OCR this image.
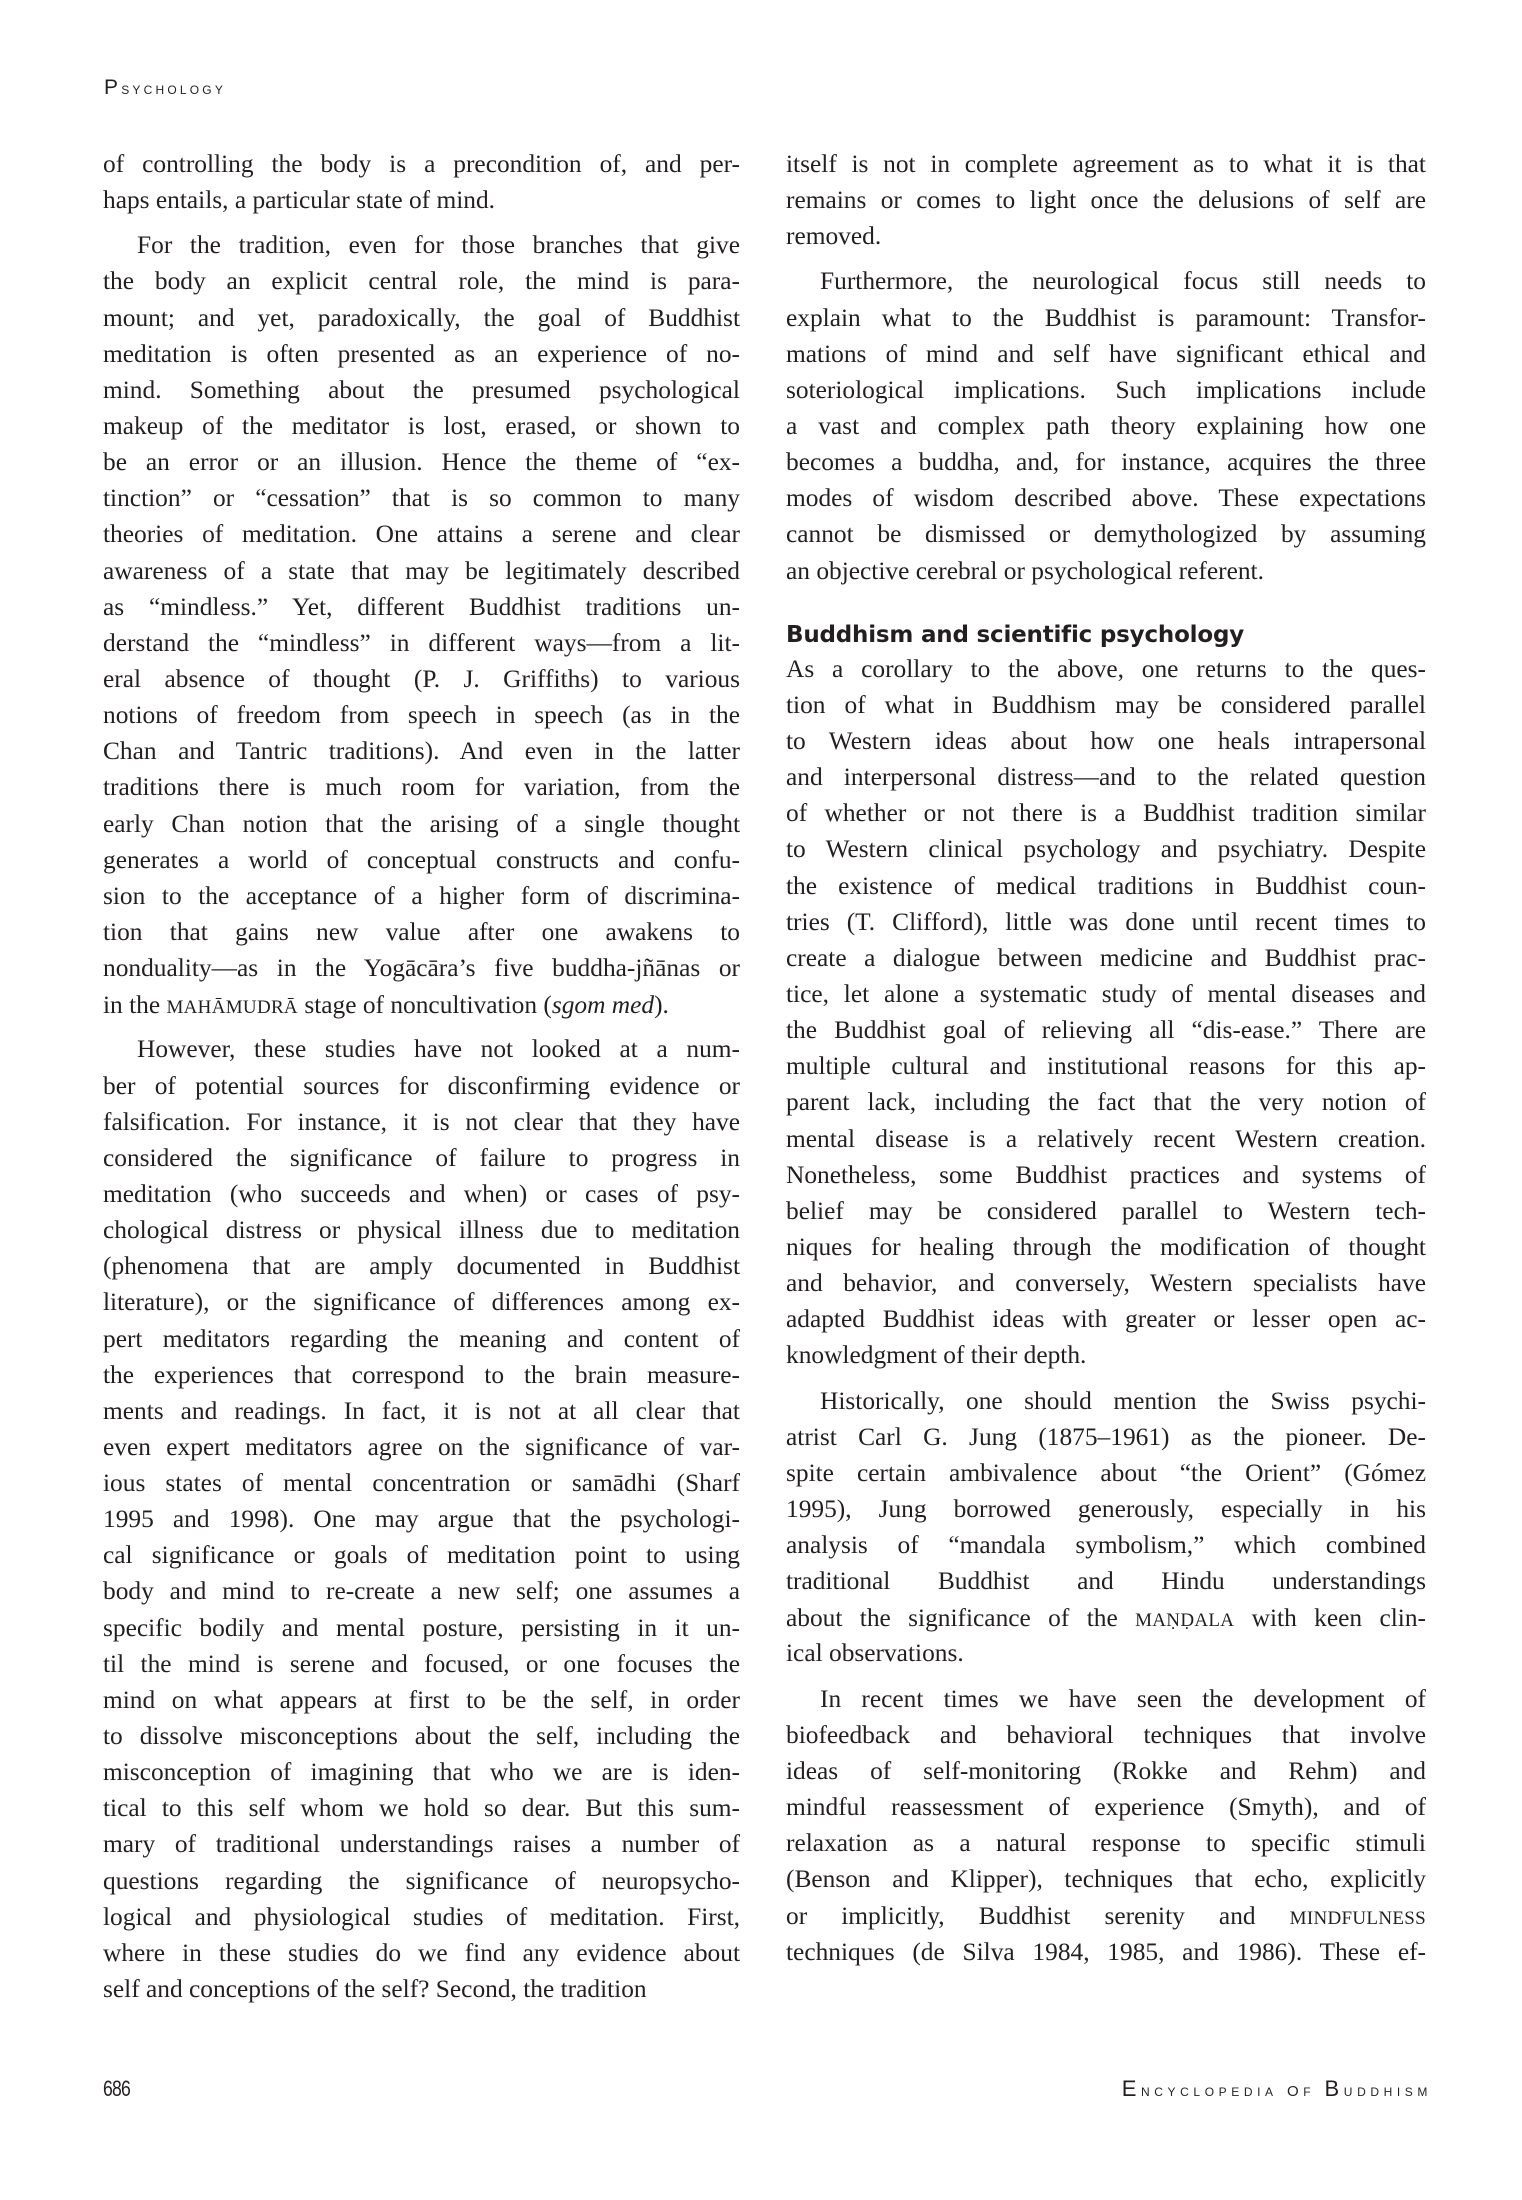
Psychology
of controlling the body is a precondition of, and per-
haps entails, a particular state of mind.
For the tradition, even for those branches that give
the body an explicit central role, the mind is para-
mount; and yet, paradoxically, the goal of Buddhist
meditation is often presented as an experience of no-
mind. Something about the presumed psychological
makeup of the meditator is lost, erased, or shown to
be an error or an illusion. Hence the theme of “ex-
tinction” or “cessation” that is so common to many
theories of meditation. One attains a serene and clear
awareness of a state that may be legitimately described
as “mindless.” Yet, different Buddhist traditions un-
derstand the “mindless” in different ways—from a lit-
eral absence of thought (P. J. Griffiths) to various
notions of freedom from speech in speech (as in the
Chan and Tantric traditions). And even in the latter
traditions there is much room for variation, from the
early Chan notion that the arising of a single thought
generates a world of conceptual constructs and confu-
sion to the acceptance of a higher form of discrimina-
tion that gains new value after one awakens to
nonduality—as in the Yogācāra’s five buddha-jñānas or
in the mahāmudrā stage of noncultivation (sgom med).
However, these studies have not looked at a num-
ber of potential sources for disconfirming evidence or
falsification. For instance, it is not clear that they have
considered the significance of failure to progress in
meditation (who succeeds and when) or cases of psy-
chological distress or physical illness due to meditation
(phenomena that are amply documented in Buddhist
literature), or the significance of differences among ex-
pert meditators regarding the meaning and content of
the experiences that correspond to the brain measure-
ments and readings. In fact, it is not at all clear that
even expert meditators agree on the significance of var-
ious states of mental concentration or samādhi (Sharf
1995 and 1998). One may argue that the psychologi-
cal significance or goals of meditation point to using
body and mind to re-create a new self; one assumes a
specific bodily and mental posture, persisting in it un-
til the mind is serene and focused, or one focuses the
mind on what appears at first to be the self, in order
to dissolve misconceptions about the self, including the
misconception of imagining that who we are is iden-
tical to this self whom we hold so dear. But this sum-
mary of traditional understandings raises a number of
questions regarding the significance of neuropsycho-
logical and physiological studies of meditation. First,
where in these studies do we find any evidence about
self and conceptions of the self? Second, the tradition
itself is not in complete agreement as to what it is that
remains or comes to light once the delusions of self are
removed.
Furthermore, the neurological focus still needs to
explain what to the Buddhist is paramount: Transfor-
mations of mind and self have significant ethical and
soteriological implications. Such implications include
a vast and complex path theory explaining how one
becomes a buddha, and, for instance, acquires the three
modes of wisdom described above. These expectations
cannot be dismissed or demythologized by assuming
an objective cerebral or psychological referent.
Buddhism and scientific psychology
As a corollary to the above, one returns to the ques-
tion of what in Buddhism may be considered parallel
to Western ideas about how one heals intrapersonal
and interpersonal distress—and to the related question
of whether or not there is a Buddhist tradition similar
to Western clinical psychology and psychiatry. Despite
the existence of medical traditions in Buddhist coun-
tries (T. Clifford), little was done until recent times to
create a dialogue between medicine and Buddhist prac-
tice, let alone a systematic study of mental diseases and
the Buddhist goal of relieving all “dis-ease.” There are
multiple cultural and institutional reasons for this ap-
parent lack, including the fact that the very notion of
mental disease is a relatively recent Western creation.
Nonetheless, some Buddhist practices and systems of
belief may be considered parallel to Western tech-
niques for healing through the modification of thought
and behavior, and conversely, Western specialists have
adapted Buddhist ideas with greater or lesser open ac-
knowledgment of their depth.
Historically, one should mention the Swiss psychi-
atrist Carl G. Jung (1875–1961) as the pioneer. De-
spite certain ambivalence about “the Orient” (Gómez
1995), Jung borrowed generously, especially in his
analysis of “mandala symbolism,” which combined
traditional Buddhist and Hindu understandings
about the significance of the maṇḍala with keen clin-
ical observations.
In recent times we have seen the development of
biofeedback and behavioral techniques that involve
ideas of self-monitoring (Rokke and Rehm) and
mindful reassessment of experience (Smyth), and of
relaxation as a natural response to specific stimuli
(Benson and Klipper), techniques that echo, explicitly
or implicitly, Buddhist serenity and mindfulness
techniques (de Silva 1984, 1985, and 1986). These ef-
686	Encyclopedia of Buddhism
